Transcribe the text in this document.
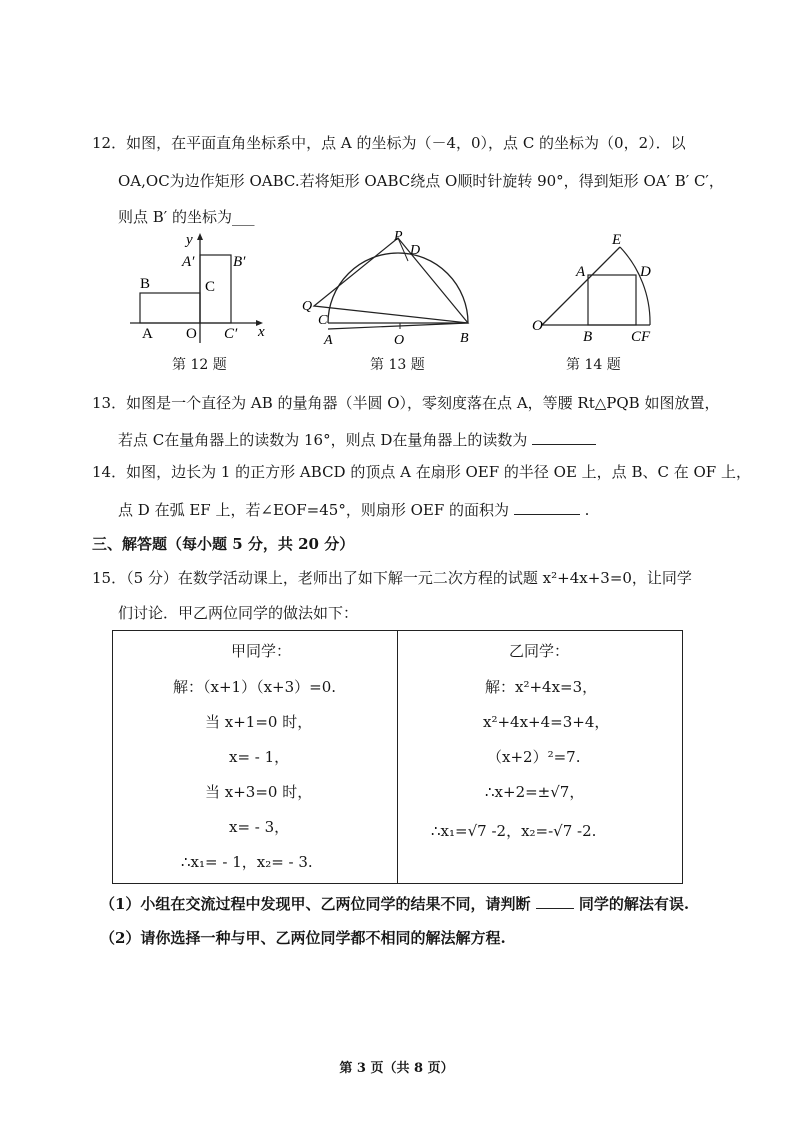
12．如图，在平面直角坐标系中，点 A 的坐标为（－4，0），点 C 的坐标为（0，2）．以
OA,OC为边作矩形 OABC.若将矩形 OABC绕点 O顺时针旋转 90°，得到矩形 OA′ B′ C′，
则点 B′ 的坐标为___
y
x
A′	B′
B	C
A O C′
第 12 题
P
D
Q
C
A	O	B
第 13 题
E
A	D
O
B	CF
第 14 题
13．如图是一个直径为 AB 的量角器（半圆 O），零刻度落在点 A，等腰 Rt△PQB 如图放置，
若点 C在量角器上的读数为 16°，则点 D在量角器上的读数为
14．如图，边长为 1 的正方形 ABCD 的顶点 A 在扇形 OEF 的半径 OE 上，点 B、C 在 OF 上，
点 D 在弧 EF 上，若∠EOF=45°，则扇形 OEF 的面积为	.
三、解答题（每小题 5 分，共 20 分）
15．（5 分）在数学活动课上，老师出了如下解一元二次方程的试题 x²+4x+3=0，让同学
们讨论．甲乙两位同学的做法如下：
甲同学：
解：（x+1）（x+3）=0.
当 x+1=0 时，
x= - 1，
当 x+3=0 时，
x= - 3，
∴x₁= - 1，x₂= - 3.
乙同学：
解：x²+4x=3，
x²+4x+4=3+4，
（x+2）²=7.
∴x+2=±√7，
∴x₁=√7 -2，x₂=-√7 -2.
（1）小组在交流过程中发现甲、乙两位同学的结果不同，请判断	同学的解法有误.
（2）请你选择一种与甲、乙两位同学都不相同的解法解方程.
第 3 页（共 8 页）
